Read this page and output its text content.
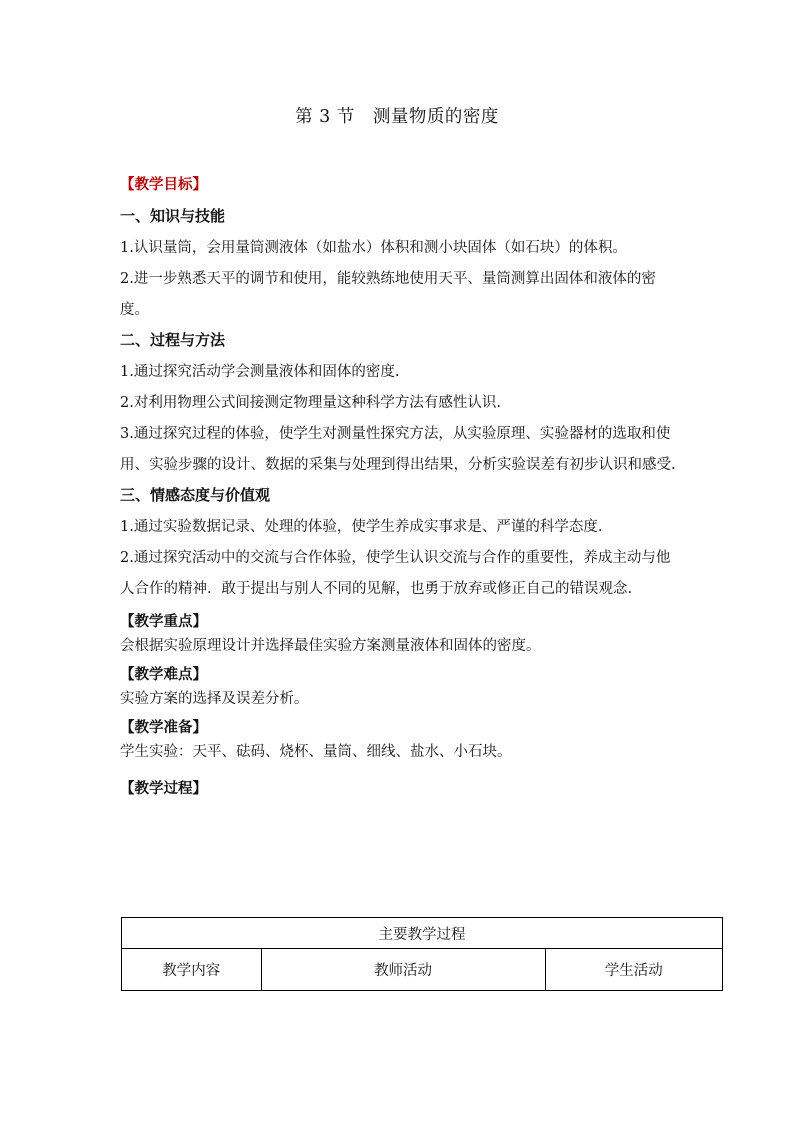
第 3 节　测量物质的密度
【教学目标】
一、知识与技能

1.认识量筒，会用量筒测液体（如盐水）体积和测小块固体（如石块）的体积。

2.进一步熟悉天平的调节和使用，能较熟练地使用天平、量筒测算出固体和液体的密度。

二、过程与方法

1.通过探究活动学会测量液体和固体的密度.

2.对利用物理公式间接测定物理量这种科学方法有感性认识.

3.通过探究过程的体验，使学生对测量性探究方法，从实验原理、实验器材的选取和使用、实验步骤的设计、数据的采集与处理到得出结果，分析实验误差有初步认识和感受.

三、情感态度与价值观

1.通过实验数据记录、处理的体验，使学生养成实事求是、严谨的科学态度.

2.通过探究活动中的交流与合作体验，使学生认识交流与合作的重要性，养成主动与他人合作的精神．敢于提出与别人不同的见解，也勇于放弃或修正自己的错误观念.

【教学重点】
会根据实验原理设计并选择最佳实验方案测量液体和固体的密度。
【教学难点】
实验方案的选择及误差分析。
【教学准备】
学生实验：天平、砝码、烧杯、量筒、细线、盐水、小石块。
【教学过程】
主要教学过程
教学内容	教师活动	学生活动
